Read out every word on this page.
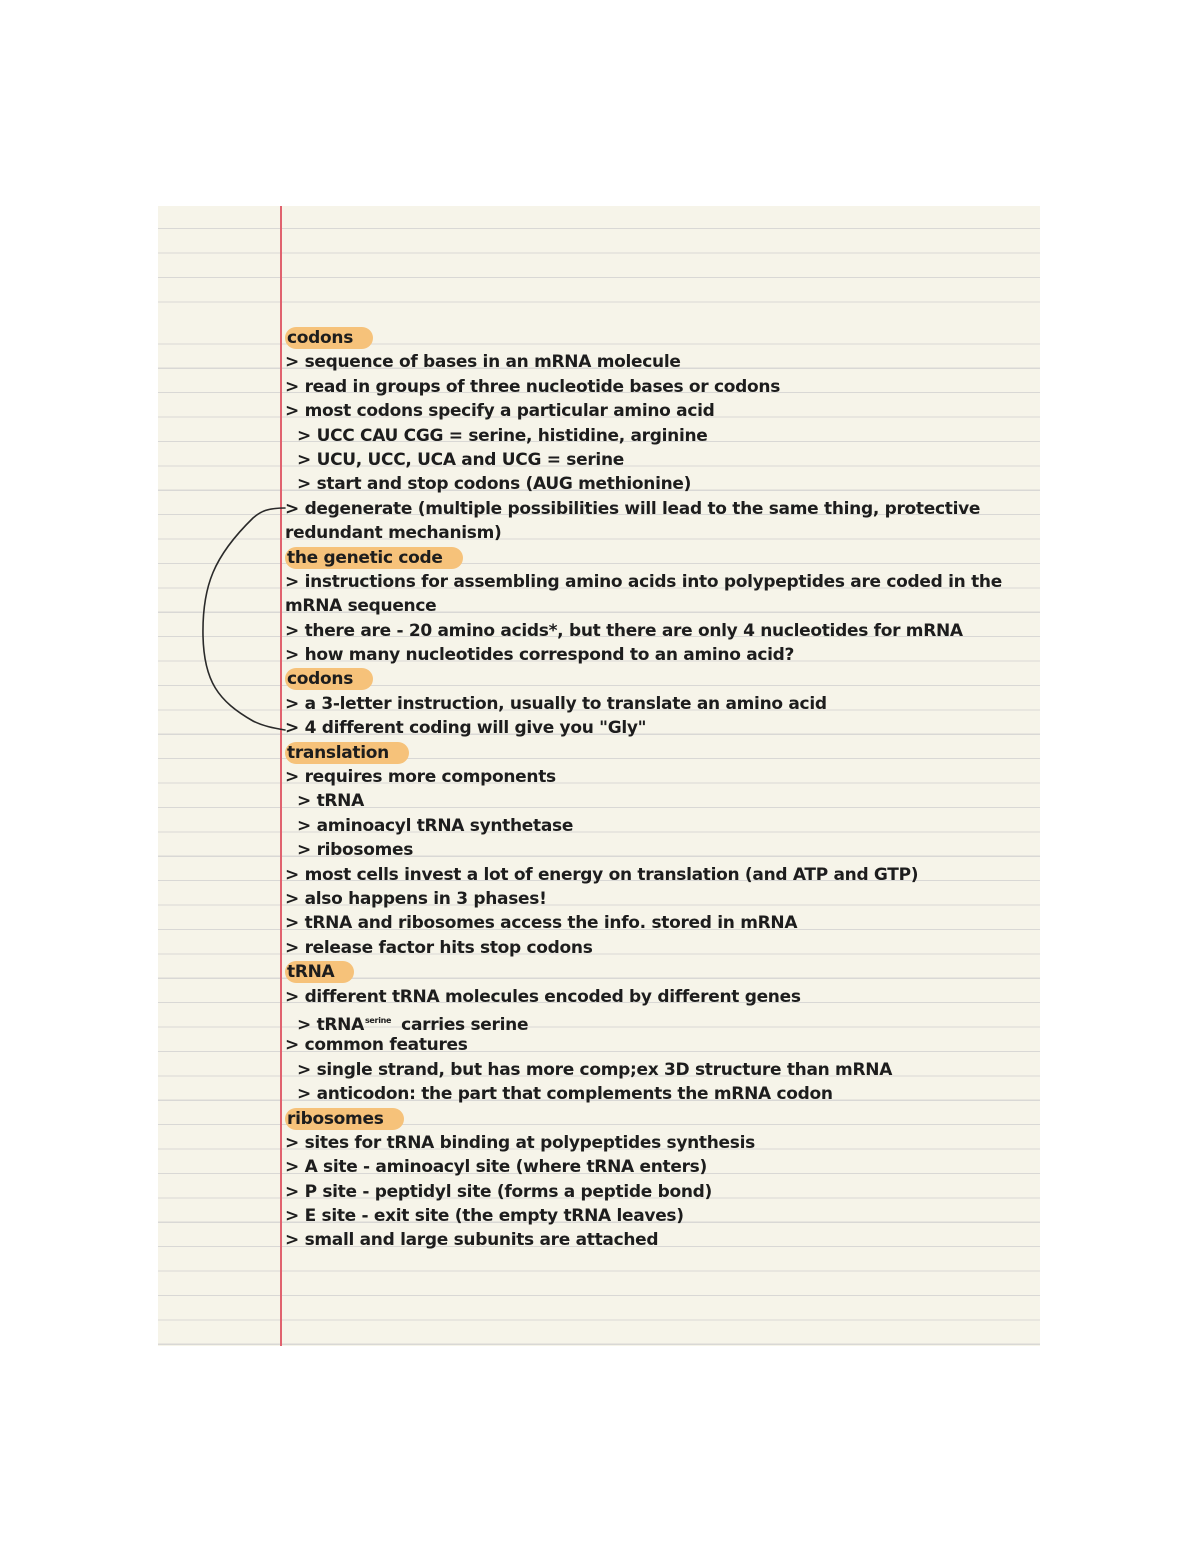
codons
> sequence of bases in an mRNA molecule
> read in groups of three nucleotide bases or codons
> most codons specify a particular amino acid
> UCC CAU CGG = serine, histidine, arginine
> UCU, UCC, UCA and UCG = serine
> start and stop codons (AUG methionine)
> degenerate (multiple possibilities will lead to the same thing, protective
redundant mechanism)
the genetic code
> instructions for assembling amino acids into polypeptides are coded in the
mRNA sequence
> there are - 20 amino acids*, but there are only 4 nucleotides for mRNA
> how many nucleotides correspond to an amino acid?
codons
> a 3-letter instruction, usually to translate an amino acid
> 4 different coding will give you "Gly"
translation
> requires more components
> tRNA
> aminoacyl tRNA synthetase
> ribosomes
> most cells invest a lot of energy on translation (and ATP and GTP)
> also happens in 3 phases!
> tRNA and ribosomes access the info. stored in mRNA
> release factor hits stop codons
tRNA
> different tRNA molecules encoded by different genes
> tRNA$^{serine}$ carries serine
> common features
> single strand, but has more comp;ex 3D structure than mRNA
> anticodon: the part that complements the mRNA codon
ribosomes
> sites for tRNA binding at polypeptides synthesis
> A site - aminoacyl site (where tRNA enters)
> P site - peptidyl site (forms a peptide bond)
> E site - exit site (the empty tRNA leaves)
> small and large subunits are attached
